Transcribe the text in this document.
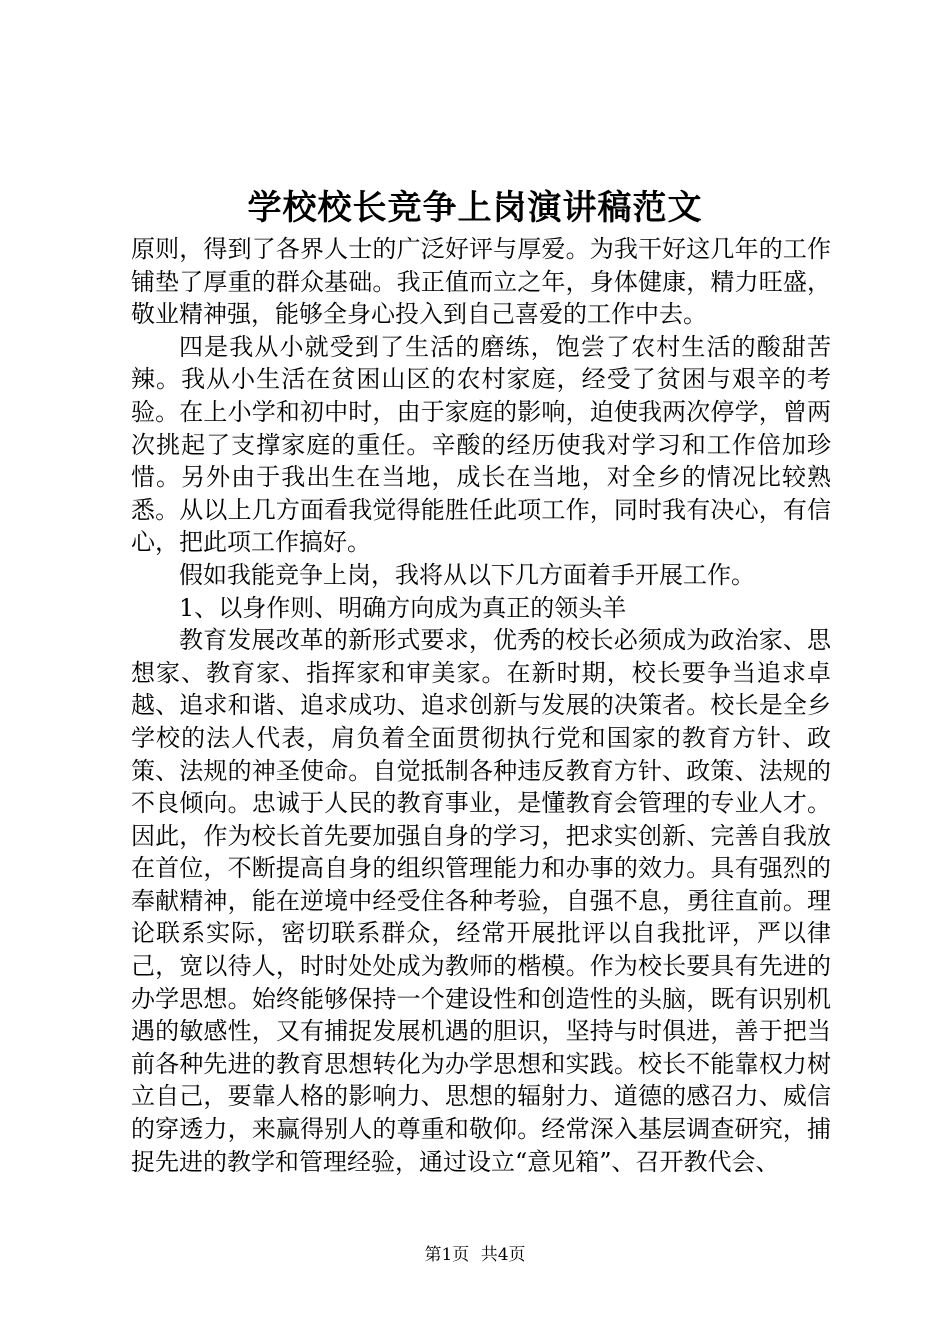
学校校长竞争上岗演讲稿范文

原则，得到了各界人士的广泛好评与厚爱。为我干好这几年的工作铺垫了厚重的群众基础。我正值而立之年，身体健康，精力旺盛，敬业精神强，能够全身心投入到自己喜爱的工作中去。

四是我从小就受到了生活的磨练，饱尝了农村生活的酸甜苦辣。我从小生活在贫困山区的农村家庭，经受了贫困与艰辛的考验。在上小学和初中时，由于家庭的影响，迫使我两次停学，曾两次挑起了支撑家庭的重任。辛酸的经历使我对学习和工作倍加珍惜。另外由于我出生在当地，成长在当地，对全乡的情况比较熟悉。从以上几方面看我觉得能胜任此项工作，同时我有决心，有信心，把此项工作搞好。

假如我能竞争上岗，我将从以下几方面着手开展工作。

1、以身作则、明确方向成为真正的领头羊

教育发展改革的新形式要求，优秀的校长必须成为政治家、思想家、教育家、指挥家和审美家。在新时期，校长要争当追求卓越、追求和谐、追求成功、追求创新与发展的决策者。校长是全乡学校的法人代表，肩负着全面贯彻执行党和国家的教育方针、政策、法规的神圣使命。自觉抵制各种违反教育方针、政策、法规的不良倾向。忠诚于人民的教育事业，是懂教育会管理的专业人才。因此，作为校长首先要加强自身的学习，把求实创新、完善自我放在首位，不断提高自身的组织管理能力和办事的效力。具有强烈的奉献精神，能在逆境中经受住各种考验，自强不息，勇往直前。理论联系实际，密切联系群众，经常开展批评以自我批评，严以律己，宽以待人，时时处处成为教师的楷模。作为校长要具有先进的办学思想。始终能够保持一个建设性和创造性的头脑，既有识别机遇的敏感性，又有捕捉发展机遇的胆识，坚持与时俱进，善于把当前各种先进的教育思想转化为办学思想和实践。校长不能靠权力树立自己，要靠人格的影响力、思想的辐射力、道德的感召力、威信的穿透力，来赢得别人的尊重和敬仰。经常深入基层调查研究，捕捉先进的教学和管理经验，通过设立“意见箱”、召开教代会、

第1页 共4页
